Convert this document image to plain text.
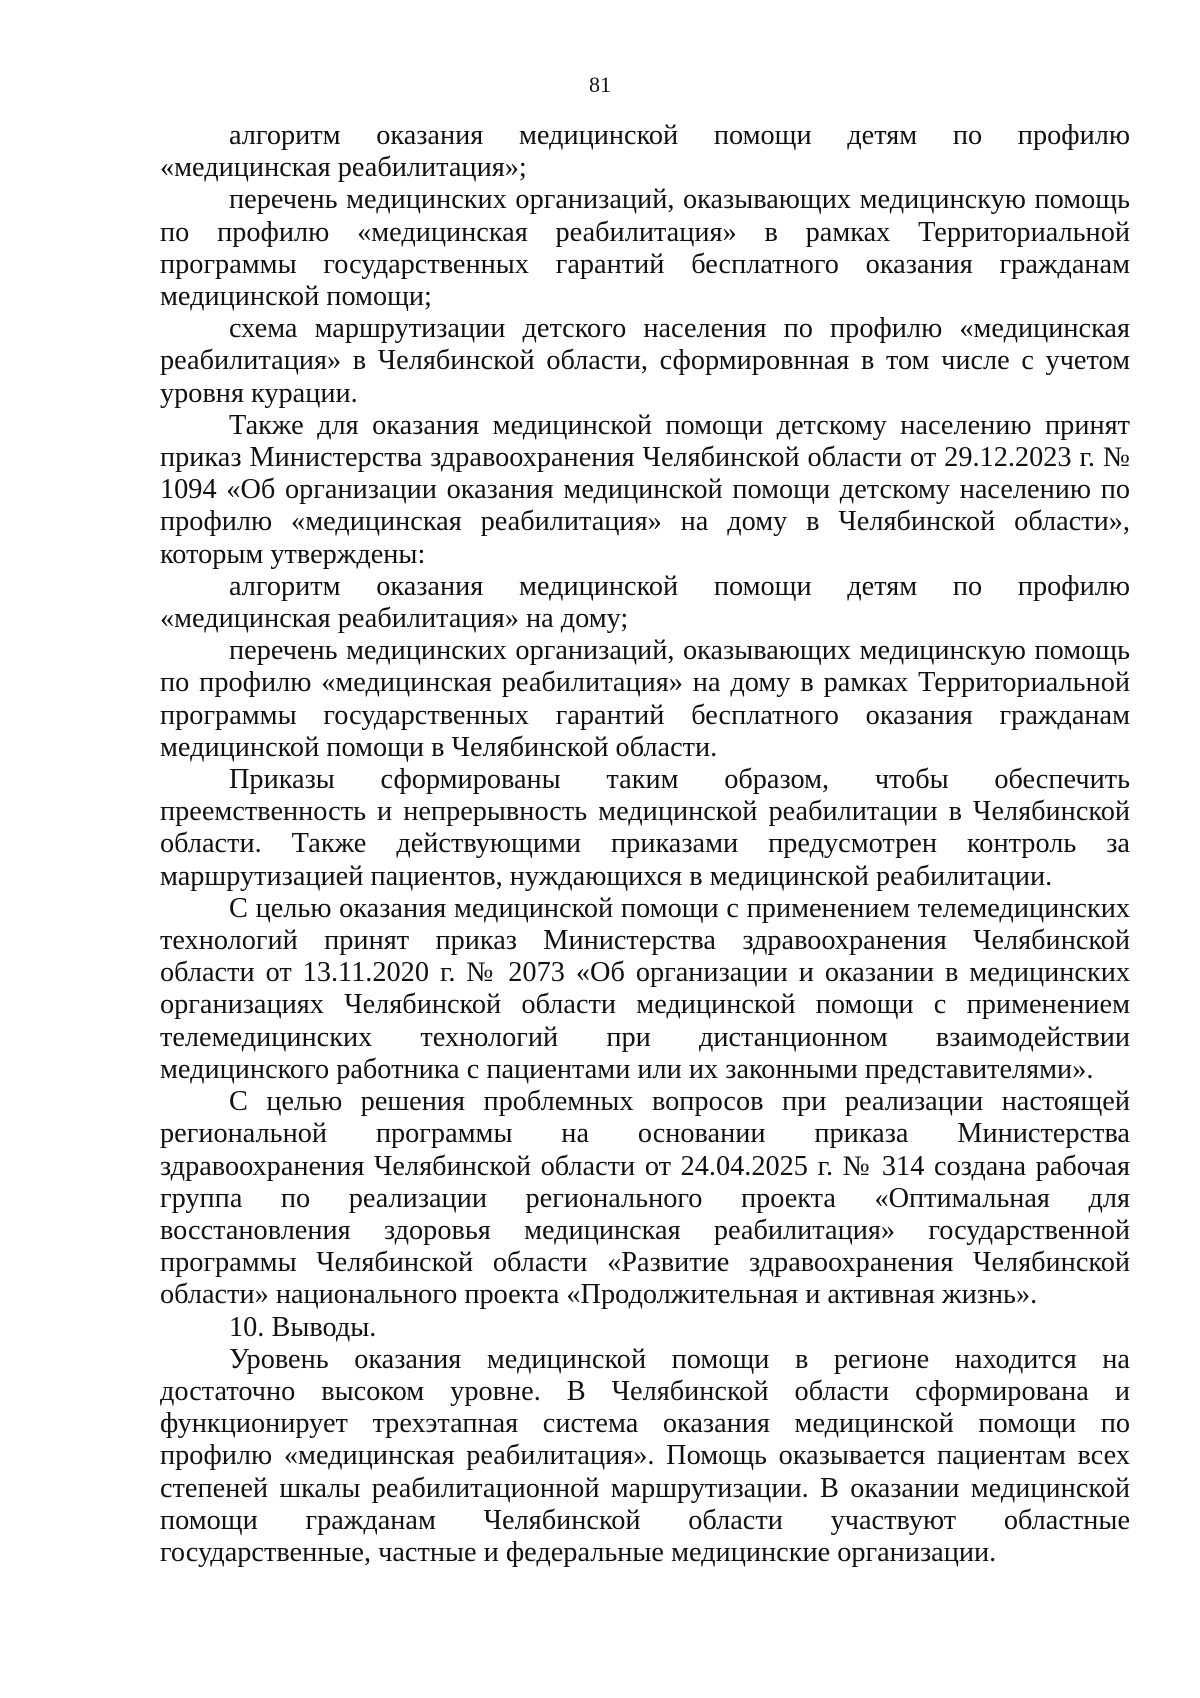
81

алгоритм оказания медицинской помощи детям по профилю «медицинская реабилитация»;

перечень медицинских организаций, оказывающих медицинскую помощь по профилю «медицинская реабилитация» в рамках Территориальной программы государственных гарантий бесплатного оказания гражданам медицинской помощи;

схема маршрутизации детского населения по профилю «медицинская реабилитация» в Челябинской области, сформировнная в том числе с учетом уровня курации.

Также для оказания медицинской помощи детскому населению принят приказ Министерства здравоохранения Челябинской области от 29.12.2023 г. № 1094 «Об организации оказания медицинской помощи детскому населению по профилю «медицинская реабилитация» на дому в Челябинской области», которым утверждены:

алгоритм оказания медицинской помощи детям по профилю «медицинская реабилитация» на дому;

перечень медицинских организаций, оказывающих медицинскую помощь по профилю «медицинская реабилитация» на дому в рамках Территориальной программы государственных гарантий бесплатного оказания гражданам медицинской помощи в Челябинской области.

Приказы сформированы таким образом, чтобы обеспечить преемственность и непрерывность медицинской реабилитации в Челябинской области. Также действующими приказами предусмотрен контроль за маршрутизацией пациентов, нуждающихся в медицинской реабилитации.

С целью оказания медицинской помощи с применением телемедицинских технологий принят приказ Министерства здравоохранения Челябинской области от 13.11.2020 г. № 2073 «Об организации и оказании в медицинских организациях Челябинской области медицинской помощи с применением телемедицинских технологий при дистанционном взаимодействии медицинского работника с пациентами или их законными представителями».

С целью решения проблемных вопросов при реализации настоящей региональной программы на основании приказа Министерства здравоохранения Челябинской области от 24.04.2025 г. № 314 создана рабочая группа по реализации регионального проекта «Оптимальная для восстановления здоровья медицинская реабилитация» государственной программы Челябинской области «Развитие здравоохранения Челябинской области» национального проекта «Продолжительная и активная жизнь».

10. Выводы.

Уровень оказания медицинской помощи в регионе находится на достаточно высоком уровне. В Челябинской области сформирована и функционирует трехэтапная система оказания медицинской помощи по профилю «медицинская реабилитация». Помощь оказывается пациентам всех степеней шкалы реабилитационной маршрутизации. В оказании медицинской помощи гражданам Челябинской области участвуют областные государственные, частные и федеральные медицинские организации.
